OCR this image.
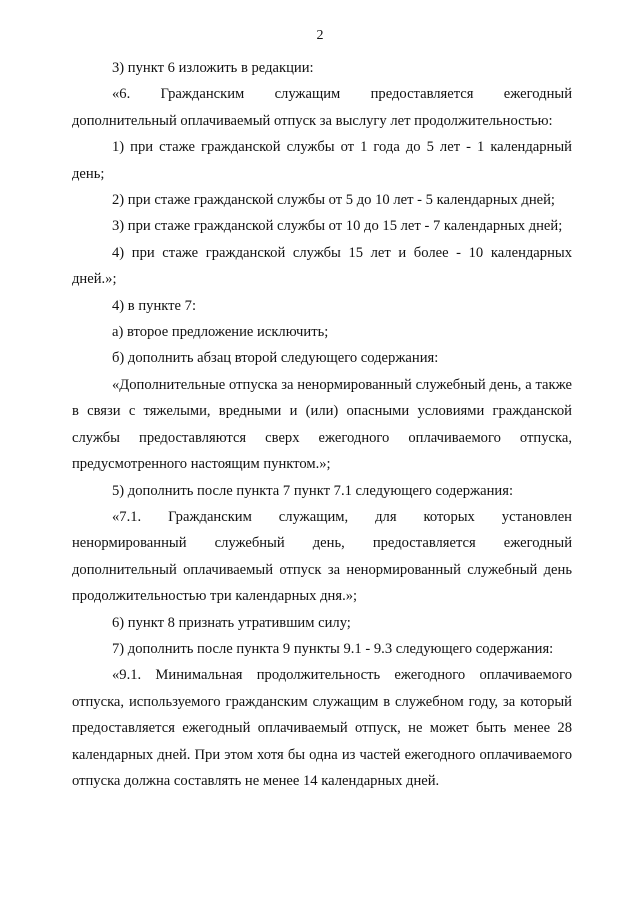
2

3) пункт 6 изложить в редакции:

«6. Гражданским служащим предоставляется ежегодный дополнительный оплачиваемый отпуск за выслугу лет продолжительностью:

1) при стаже гражданской службы от 1 года до 5 лет - 1 календарный день;

2) при стаже гражданской службы от 5 до 10 лет - 5 календарных дней;

3) при стаже гражданской службы от 10 до 15 лет - 7 календарных дней;

4) при стаже гражданской службы 15 лет и более - 10 календарных дней.»;

4) в пункте 7:

а) второе предложение исключить;

б) дополнить абзац второй следующего содержания:

«Дополнительные отпуска за ненормированный служебный день, а также в связи с тяжелыми, вредными и (или) опасными условиями гражданской службы предоставляются сверх ежегодного оплачиваемого отпуска, предусмотренного настоящим пунктом.»;

5) дополнить после пункта 7 пункт 7.1 следующего содержания:

«7.1. Гражданским служащим, для которых установлен ненормированный служебный день, предоставляется ежегодный дополнительный оплачиваемый отпуск за ненормированный служебный день продолжительностью три календарных дня.»;

6) пункт 8 признать утратившим силу;

7) дополнить после пункта 9 пункты 9.1 - 9.3 следующего содержания:

«9.1. Минимальная продолжительность ежегодного оплачиваемого отпуска, используемого гражданским служащим в служебном году, за который предоставляется ежегодный оплачиваемый отпуск, не может быть менее 28 календарных дней. При этом хотя бы одна из частей ежегодного оплачиваемого отпуска должна составлять не менее 14 календарных дней.
